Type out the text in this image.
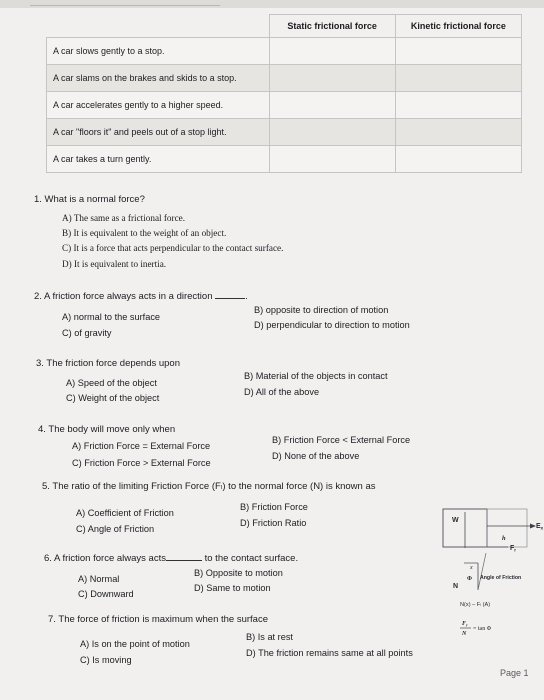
	Static frictional force	Kinetic frictional force
A car slows gently to a stop.		
A car slams on the brakes and skids to a stop.		
A car accelerates gently to a higher speed.		
A car "floors it" and peels out of a stop light.		
A car takes a turn gently.		
1. What is a normal force?
A) The same as a frictional force.
B) It is equivalent to the weight of an object.
C) It is a force that acts perpendicular to the contact surface.
D) It is equivalent to inertia.
2. A friction force always acts in a direction	.
A) normal to the surface
B) opposite to direction of motion
C) of gravity
D) perpendicular to direction to motion
3. The friction force depends upon
A) Speed of the object
B) Material of the objects in contact
C) Weight of the object
D) All of the above
4. The body will move only when
A) Friction Force = External Force
B) Friction Force < External Force
C) Friction Force > External Force
D) None of the above
5. The ratio of the limiting Friction Force (Fₗ) to the normal force (N) is known as
A) Coefficient of Friction
B) Friction Force
C) Angle of Friction
D) Friction Ratio
6. A friction force always acts	to the contact surface.
A) Normal
B) Opposite to motion
C) Downward
D) Same to motion
7. The force of friction is maximum when the surface
A) Is on the point of motion
B) Is at rest
C) Is moving
D) The friction remains same at all points
W
$E_x$
h
$F_r$
x
Φ
N
Angle of Friction
N(x) – Fₗ (A)
$F_r$
N
= tan Φ
Page 1
